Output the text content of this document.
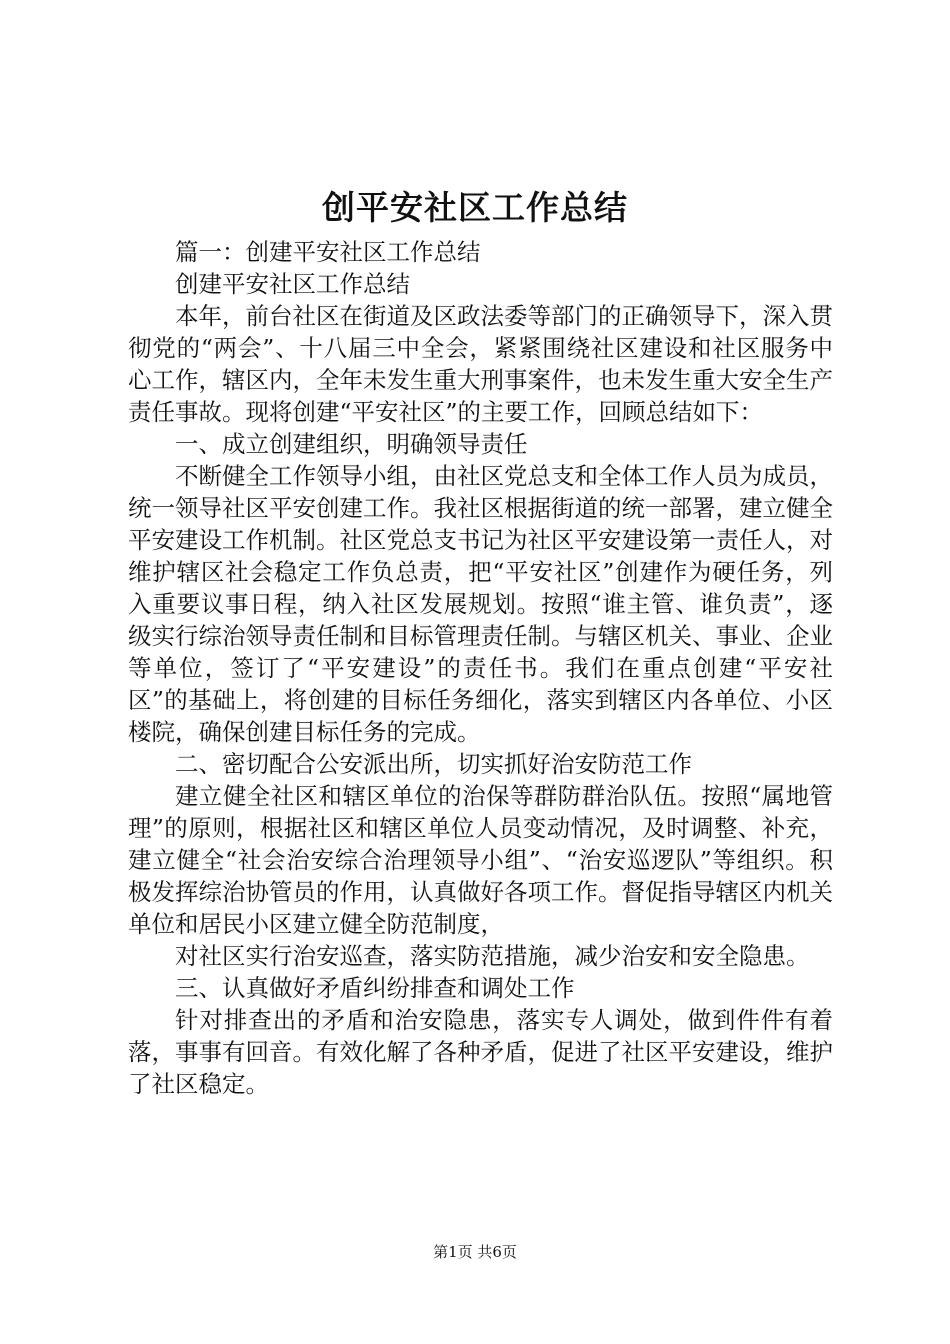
创平安社区工作总结

篇一：创建平安社区工作总结

创建平安社区工作总结

本年，前台社区在街道及区政法委等部门的正确领导下，深入贯彻党的“两会”、十八届三中全会，紧紧围绕社区建设和社区服务中心工作，辖区内，全年未发生重大刑事案件，也未发生重大安全生产责任事故。现将创建“平安社区”的主要工作，回顾总结如下：

一、成立创建组织，明确领导责任

不断健全工作领导小组，由社区党总支和全体工作人员为成员，统一领导社区平安创建工作。我社区根据街道的统一部署，建立健全平安建设工作机制。社区党总支书记为社区平安建设第一责任人，对维护辖区社会稳定工作负总责，把“平安社区”创建作为硬任务，列入重要议事日程，纳入社区发展规划。按照“谁主管、谁负责”，逐级实行综治领导责任制和目标管理责任制。与辖区机关、事业、企业等单位，签订了“平安建设”的责任书。我们在重点创建“平安社区”的基础上，将创建的目标任务细化，落实到辖区内各单位、小区楼院，确保创建目标任务的完成。

二、密切配合公安派出所，切实抓好治安防范工作

建立健全社区和辖区单位的治保等群防群治队伍。按照“属地管理”的原则，根据社区和辖区单位人员变动情况，及时调整、补充，建立健全“社会治安综合治理领导小组”、“治安巡逻队”等组织。积极发挥综治协管员的作用，认真做好各项工作。督促指导辖区内机关单位和居民小区建立健全防范制度，

对社区实行治安巡查，落实防范措施，减少治安和安全隐患。

三、认真做好矛盾纠纷排查和调处工作

针对排查出的矛盾和治安隐患，落实专人调处，做到件件有着落，事事有回音。有效化解了各种矛盾，促进了社区平安建设，维护了社区稳定。

第1页 共6页
